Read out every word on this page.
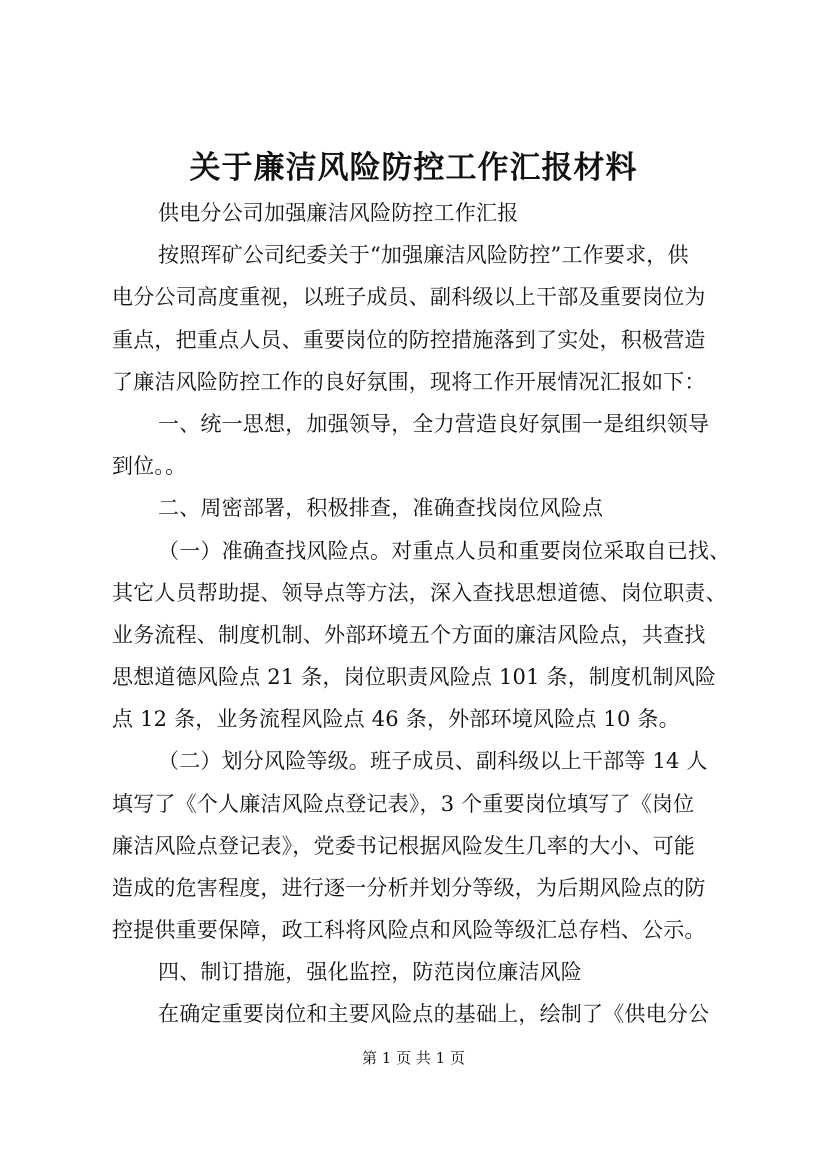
关于廉洁风险防控工作汇报材料
供电分公司加强廉洁风险防控工作汇报
按照珲矿公司纪委关于“加强廉洁风险防控”工作要求，供
电分公司高度重视，以班子成员、副科级以上干部及重要岗位为
重点，把重点人员、重要岗位的防控措施落到了实处，积极营造
了廉洁风险防控工作的良好氛围，现将工作开展情况汇报如下：
一、统一思想，加强领导，全力营造良好氛围一是组织领导
到位。。
二、周密部署，积极排查，准确查找岗位风险点
（一）准确查找风险点。对重点人员和重要岗位采取自已找、
其它人员帮助提、领导点等方法，深入查找思想道德、岗位职责、
业务流程、制度机制、外部环境五个方面的廉洁风险点，共查找
思想道德风险点 21 条，岗位职责风险点 101 条，制度机制风险
点 12 条，业务流程风险点 46 条，外部环境风险点 10 条。
（二）划分风险等级。班子成员、副科级以上干部等 14 人
填写了《个人廉洁风险点登记表》，3 个重要岗位填写了《岗位
廉洁风险点登记表》，党委书记根据风险发生几率的大小、可能
造成的危害程度，进行逐一分析并划分等级，为后期风险点的防
控提供重要保障，政工科将风险点和风险等级汇总存档、公示。
四、制订措施，强化监控，防范岗位廉洁风险
在确定重要岗位和主要风险点的基础上，绘制了《供电分公
第 1 页 共 1 页
